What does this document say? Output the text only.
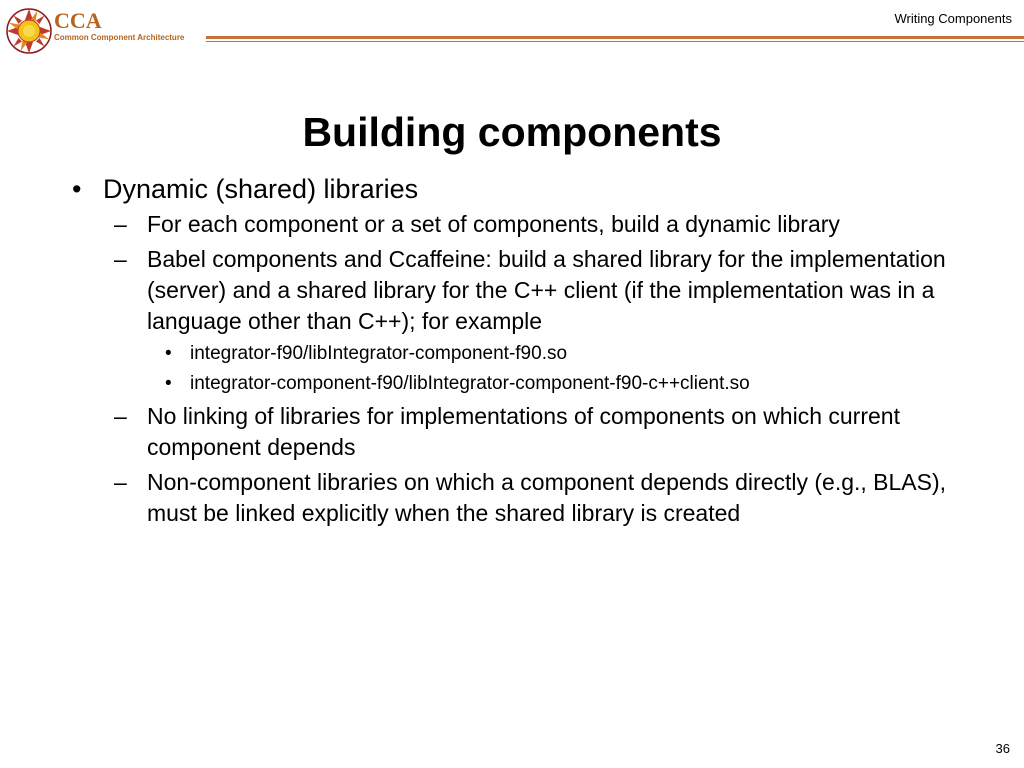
CCA
Common Component Architecture
Writing Components
Building components
• Dynamic (shared) libraries
– For each component or a set of components, build a dynamic library
– Babel components and Ccaffeine: build a shared library for the implementation (server) and a shared library for the C++ client (if the implementation was in a language other than C++); for example
• integrator-f90/libIntegrator-component-f90.so
• integrator-component-f90/libIntegrator-component-f90-c++client.so
– No linking of libraries for implementations of components on which current component depends
– Non-component libraries on which a component depends directly (e.g., BLAS), must be linked explicitly when the shared library is created
36
